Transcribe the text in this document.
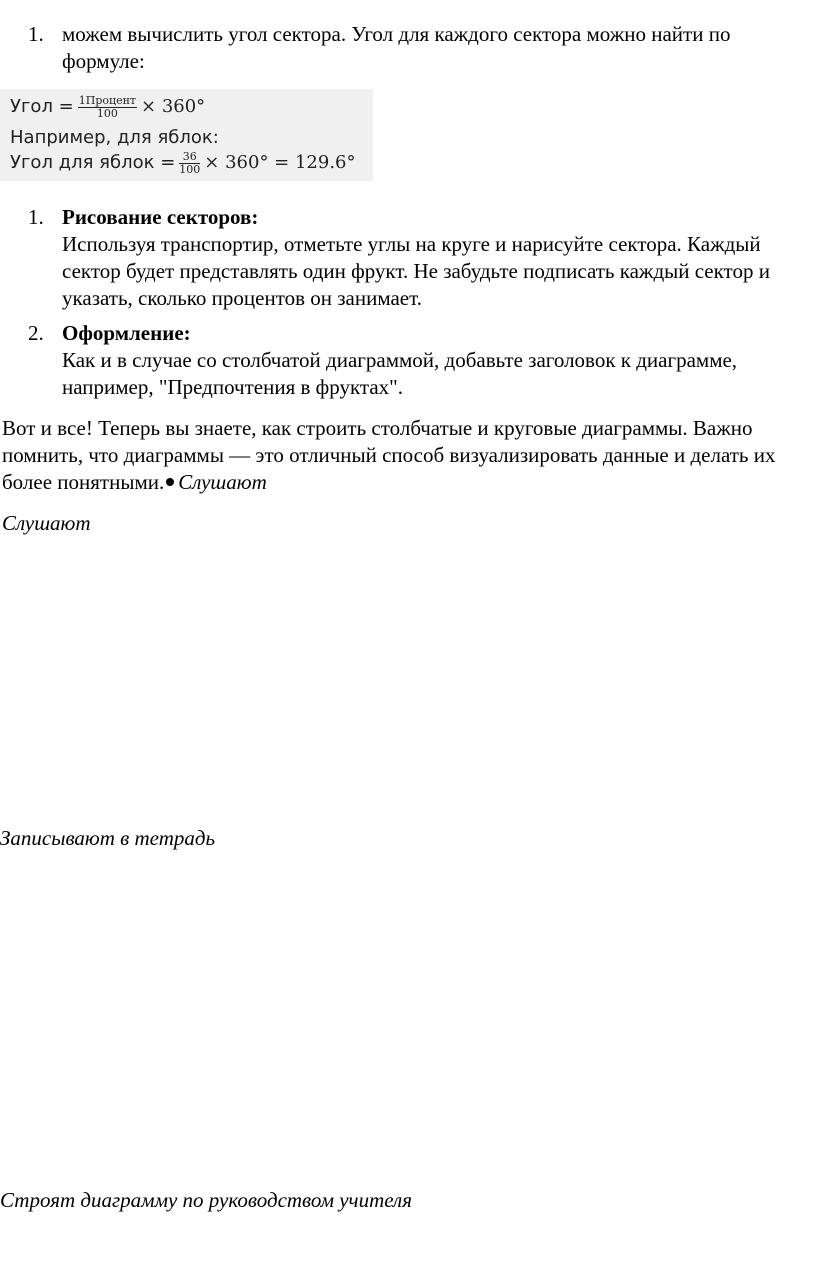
1. можем вычислить угол сектора. Угол для каждого сектора можно найти по
формуле:
Угол = $\frac{\text{1Процент}}{100} \times 360^\circ$
Например, для яблок:
Угол для яблок = $\frac{36}{100} \times 360^\circ = 129.6^\circ$
1. Рисование секторов:
Используя транспортир, отметьте углы на круге и нарисуйте сектора. Каждый
сектор будет представлять один фрукт. Не забудьте подписать каждый сектор и
указать, сколько процентов он занимает.
2. Оформление:
Как и в случае со столбчатой диаграммой, добавьте заголовок к диаграмме,
например, "Предпочтения в фруктах".
Вот и все! Теперь вы знаете, как строить столбчатые и круговые диаграммы. Важно
помнить, что диаграммы — это отличный способ визуализировать данные и делать их
более понятными. Слушают
Слушают
Записывают в тетрадь
Строят диаграмму по руководством учителя
